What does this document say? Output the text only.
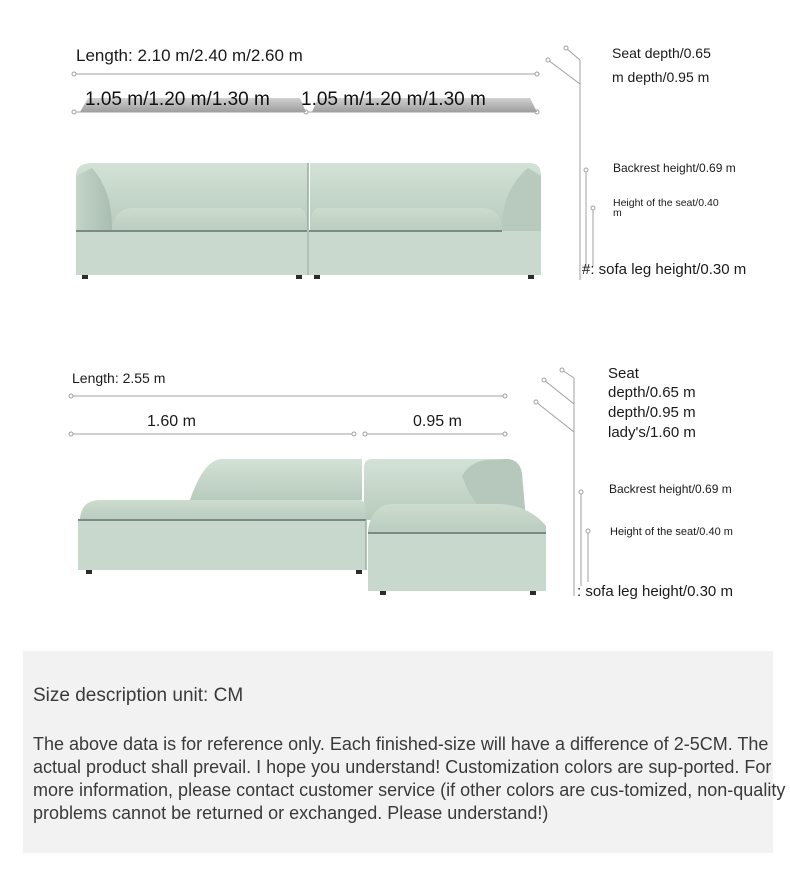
Length: 2.10 m/2.40 m/2.60 m
1.05 m/1.20 m/1.30 m 1.05 m/1.20 m/1.30 m
Seat depth/0.65
m depth/0.95 m
Backrest height/0.69 m
Height of the seat/0.40
m
#: sofa leg height/0.30 m
Length: 2.55 m
1.60 m	0.95 m
Seat
depth/0.65 m
depth/0.95 m
lady's/1.60 m
Backrest height/0.69 m
Height of the seat/0.40 m
: sofa leg height/0.30 m
Size description unit: CM
The above data is for reference only. Each finished-size will have a difference of 2-5CM. The actual product shall prevail. I hope you understand! Customization colors are sup-ported. For more information, please contact customer service (if other colors are cus-tomized, non-quality problems cannot be returned or exchanged. Please understand!)
